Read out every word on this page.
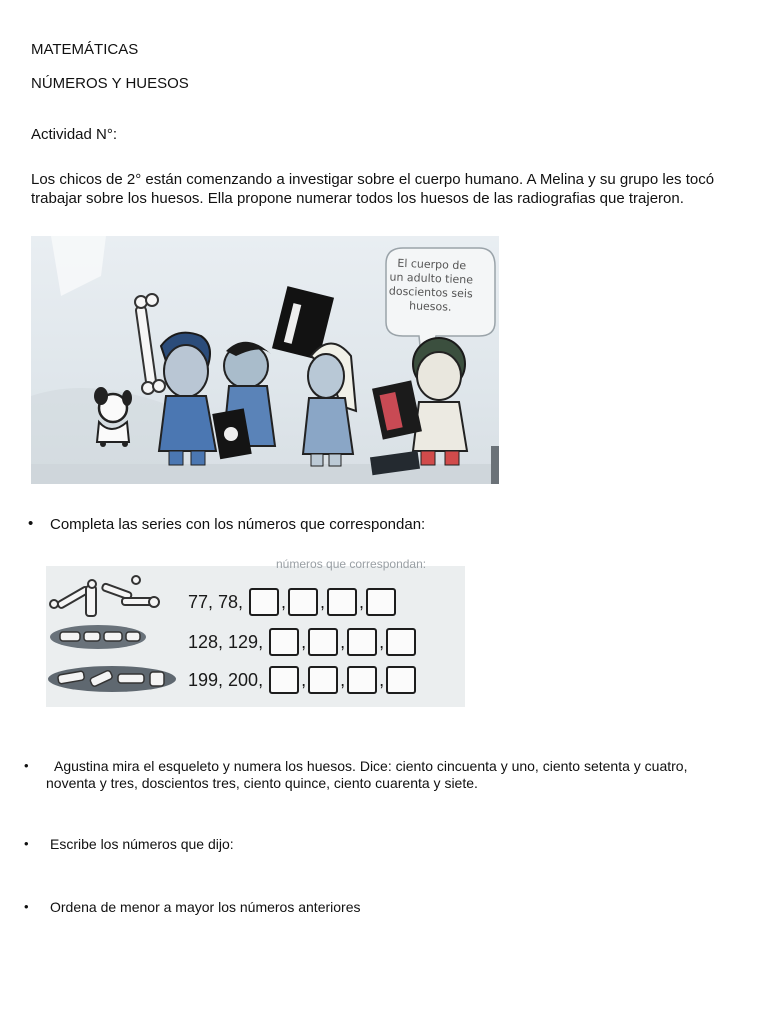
MATEMÁTICAS

NÚMEROS Y HUESOS

Actividad N°:

Los chicos de 2° están comenzando a investigar sobre el cuerpo humano. A Melina y su grupo les tocó trabajar sobre los huesos. Ella propone numerar todos los huesos de las radiografias que trajeron.

El cuerpo de
un adulto tiene
doscientos seis
huesos.
• Completa las series con los números que correspondan:
números que correspondan:
77, 78, , , ,
128, 129, , , ,
199, 200, , , ,
•	Agustina mira el esqueleto y numera los huesos. Dice: ciento cincuenta y uno, ciento setenta y cuatro, noventa y tres, doscientos tres, ciento quince, ciento cuarenta y siete.
• Escribe los números que dijo:
• Ordena de menor a mayor los números anteriores
